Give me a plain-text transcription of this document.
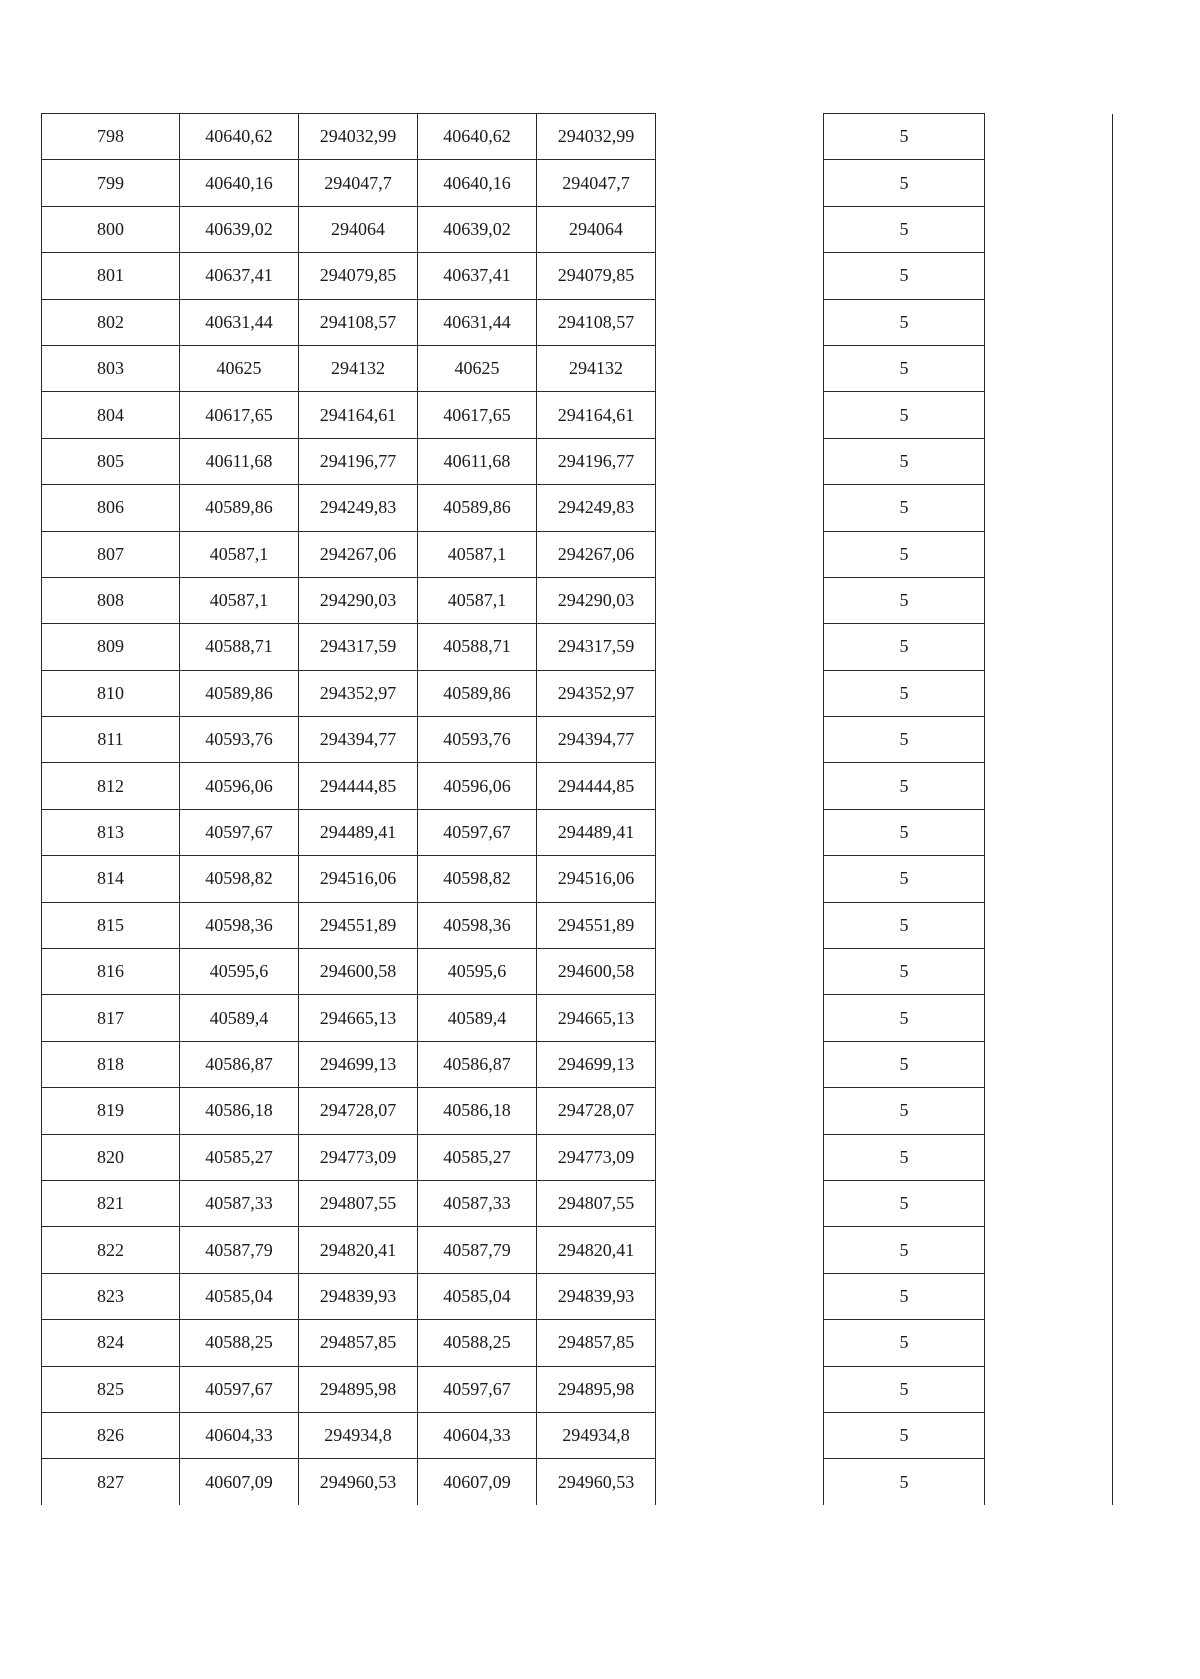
798	40640,62	294032,99	40640,62	294032,99		5	
799	40640,16	294047,7	40640,16	294047,7		5	
800	40639,02	294064	40639,02	294064		5	
801	40637,41	294079,85	40637,41	294079,85		5	
802	40631,44	294108,57	40631,44	294108,57		5	
803	40625	294132	40625	294132		5	
804	40617,65	294164,61	40617,65	294164,61		5	
805	40611,68	294196,77	40611,68	294196,77		5	
806	40589,86	294249,83	40589,86	294249,83		5	
807	40587,1	294267,06	40587,1	294267,06		5	
808	40587,1	294290,03	40587,1	294290,03		5	
809	40588,71	294317,59	40588,71	294317,59		5	
810	40589,86	294352,97	40589,86	294352,97		5	
811	40593,76	294394,77	40593,76	294394,77		5	
812	40596,06	294444,85	40596,06	294444,85		5	
813	40597,67	294489,41	40597,67	294489,41		5	
814	40598,82	294516,06	40598,82	294516,06		5	
815	40598,36	294551,89	40598,36	294551,89		5	
816	40595,6	294600,58	40595,6	294600,58		5	
817	40589,4	294665,13	40589,4	294665,13		5	
818	40586,87	294699,13	40586,87	294699,13		5	
819	40586,18	294728,07	40586,18	294728,07		5	
820	40585,27	294773,09	40585,27	294773,09		5	
821	40587,33	294807,55	40587,33	294807,55		5	
822	40587,79	294820,41	40587,79	294820,41		5	
823	40585,04	294839,93	40585,04	294839,93		5	
824	40588,25	294857,85	40588,25	294857,85		5	
825	40597,67	294895,98	40597,67	294895,98		5	
826	40604,33	294934,8	40604,33	294934,8		5	
827	40607,09	294960,53	40607,09	294960,53		5	
